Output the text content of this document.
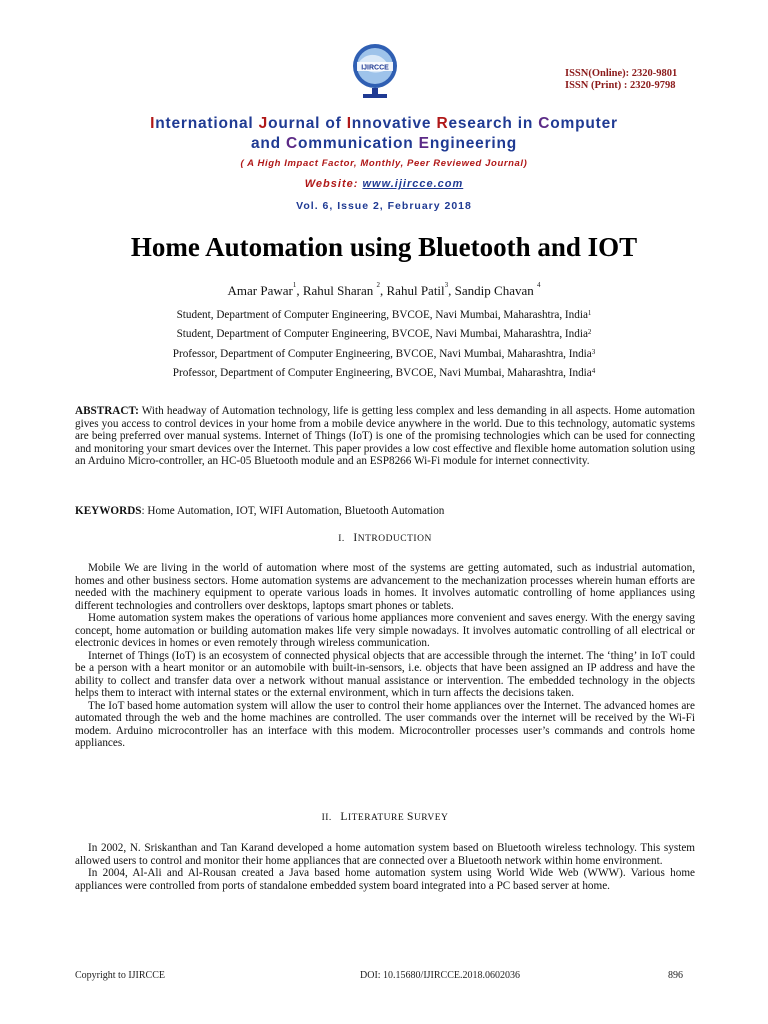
IJIRCCE	ISSN(Online): 2320-9801
ISSN (Print) : 2320-9798
International Journal of Innovative Research in Computer
and Communication Engineering
( A High Impact Factor, Monthly, Peer Reviewed Journal)
Website: www.ijircce.com
Vol. 6, Issue 2, February 2018
Home Automation using Bluetooth and IOT
Amar Pawar$^1$, Rahul Sharan $^2$, Rahul Patil$^3$, Sandip Chavan $^4$
Student, Department of Computer Engineering, BVCOE, Navi Mumbai, Maharashtra, India$^1$
Student, Department of Computer Engineering, BVCOE, Navi Mumbai, Maharashtra, India$^2$
Professor, Department of Computer Engineering, BVCOE, Navi Mumbai, Maharashtra, India$^3$
Professor, Department of Computer Engineering, BVCOE, Navi Mumbai, Maharashtra, India$^4$
ABSTRACT: With headway of Automation technology, life is getting less complex and less demanding in all aspects. Home automation gives you access to control devices in your home from a mobile device anywhere in the world. Due to this technology, automatic systems are being preferred over manual systems. Internet of Things (IoT) is one of the promising technologies which can be used for connecting and monitoring your smart devices over the Internet. This paper provides a low cost effective and flexible home automation solution using an Arduino Micro-controller, an HC-05 Bluetooth module and an ESP8266 Wi-Fi module for internet connectivity.
KEYWORDS: Home Automation, IOT, WIFI Automation, Bluetooth Automation
I. INTRODUCTION

Mobile We are living in the world of automation where most of the systems are getting automated, such as industrial automation, homes and other business sectors. Home automation systems are advancement to the mechanization processes wherein human efforts are needed with the machinery equipment to operate various loads in homes. It involves automatic controlling of home appliances using different technologies and controllers over desktops, laptops smart phones or tablets.

Home automation system makes the operations of various home appliances more convenient and saves energy. With the energy saving concept, home automation or building automation makes life very simple nowadays. It involves automatic controlling of all electrical or electronic devices in homes or even remotely through wireless communication.

Internet of Things (IoT) is an ecosystem of connected physical objects that are accessible through the internet. The ‘thing’ in IoT could be a person with a heart monitor or an automobile with built-in-sensors, i.e. objects that have been assigned an IP address and have the ability to collect and transfer data over a network without manual assistance or intervention. The embedded technology in the objects helps them to interact with internal states or the external environment, which in turn affects the decisions taken.

The IoT based home automation system will allow the user to control their home appliances over the Internet. The advanced homes are automated through the web and the home machines are controlled. The user commands over the internet will be received by the Wi-Fi modem. Arduino microcontroller has an interface with this modem. Microcontroller processes user’s commands and controls home appliances.

II. LITERATURE SURVEY

In 2002, N. Sriskanthan and Tan Karand developed a home automation system based on Bluetooth wireless technology. This system allowed users to control and monitor their home appliances that are connected over a Bluetooth network within home environment.

In 2004, Al-Ali and Al-Rousan created a Java based home automation system using World Wide Web (WWW). Various home appliances were controlled from ports of standalone embedded system board integrated into a PC based server at home.

Copyright to IJIRCCE	DOI: 10.15680/IJIRCCE.2018.0602036	896
